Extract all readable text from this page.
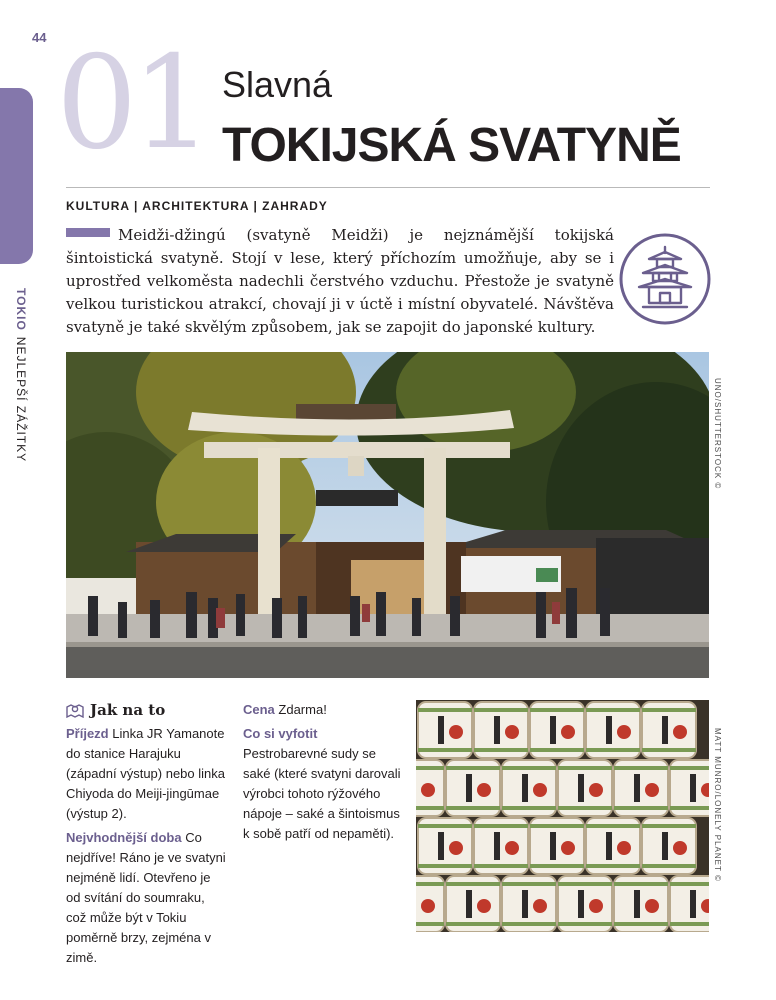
44
TOKIONEJLEPŠÍ ZÁŽITKY
01 Slavná
TOKIJSKÁ SVATYNĚ
KULTURA | ARCHITEKTURA | ZAHRADY
Meidži-džingú (svatyně Meidži) je nejznámější tokijská šintoistická svatyně. Stojí v lese, který příchozím umožňuje, aby se i uprostřed velkoměsta nadechli čerstvého vzduchu. Přestože je svatyně velkou turistickou atrakcí, chovají ji v úctě i místní obyvatelé. Návštěva svatyně je také skvělým způsobem, jak se zapojit do japonské kultury.
UNO/SHUTTERSTOCK ©
Jak na to

Příjezd Linka JR Yamanote do stanice Harajuku (západní výstup) nebo linka Chiyoda do Meiji-jingūmae (výstup 2).

Nejvhodnější doba Co nejdříve! Ráno je ve svatyni nejméně lidí. Otevřeno je od svítání do soumraku, což může být v Tokiu poměrně brzy, zejména v zimě.

Cena Zdarma!

Co si vyfotit Pestrobarevné sudy se saké (které svatyni darovali výrobci tohoto rýžového nápoje – saké a šintoismus k sobě patří od nepaměti).	MATT MUNRO/LONELY PLANET ©
